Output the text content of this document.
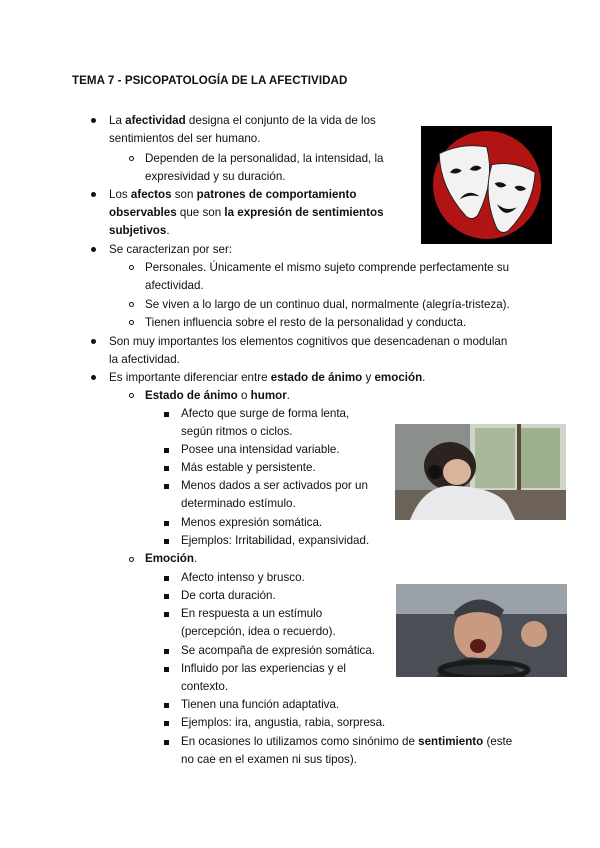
TEMA 7 - PSICOPATOLOGÍA DE LA AFECTIVIDAD
La afectividad designa el conjunto de la vida de los
sentimientos del ser humano.
Dependen de la personalidad, la intensidad, la
expresividad y su duración.
Los afectos son patrones de comportamiento
observables que son la expresión de sentimientos
subjetivos.
Se caracterizan por ser:
Personales. Únicamente el mismo sujeto comprende perfectamente su
afectividad.
Se viven a lo largo de un continuo dual, normalmente (alegría-tristeza).
Tienen influencia sobre el resto de la personalidad y conducta.
Son muy importantes los elementos cognitivos que desencadenan o modulan
la afectividad.
Es importante diferenciar entre estado de ánimo y emoción.
Estado de ánimo o humor.
Afecto que surge de forma lenta,
según ritmos o ciclos.
Posee una intensidad variable.
Más estable y persistente.
Menos dados a ser activados por un
determinado estímulo.
Menos expresión somática.
Ejemplos: Irritabilidad, expansividad.
Emoción.
Afecto intenso y brusco.
De corta duración.
En respuesta a un estímulo
(percepción, idea o recuerdo).
Se acompaña de expresión somática.
Influido por las experiencias y el
contexto.
Tienen una función adaptativa.
Ejemplos: ira, angustia, rabia, sorpresa.
En ocasiones lo utilizamos como sinónimo de sentimiento (este
no cae en el examen ni sus tipos).
